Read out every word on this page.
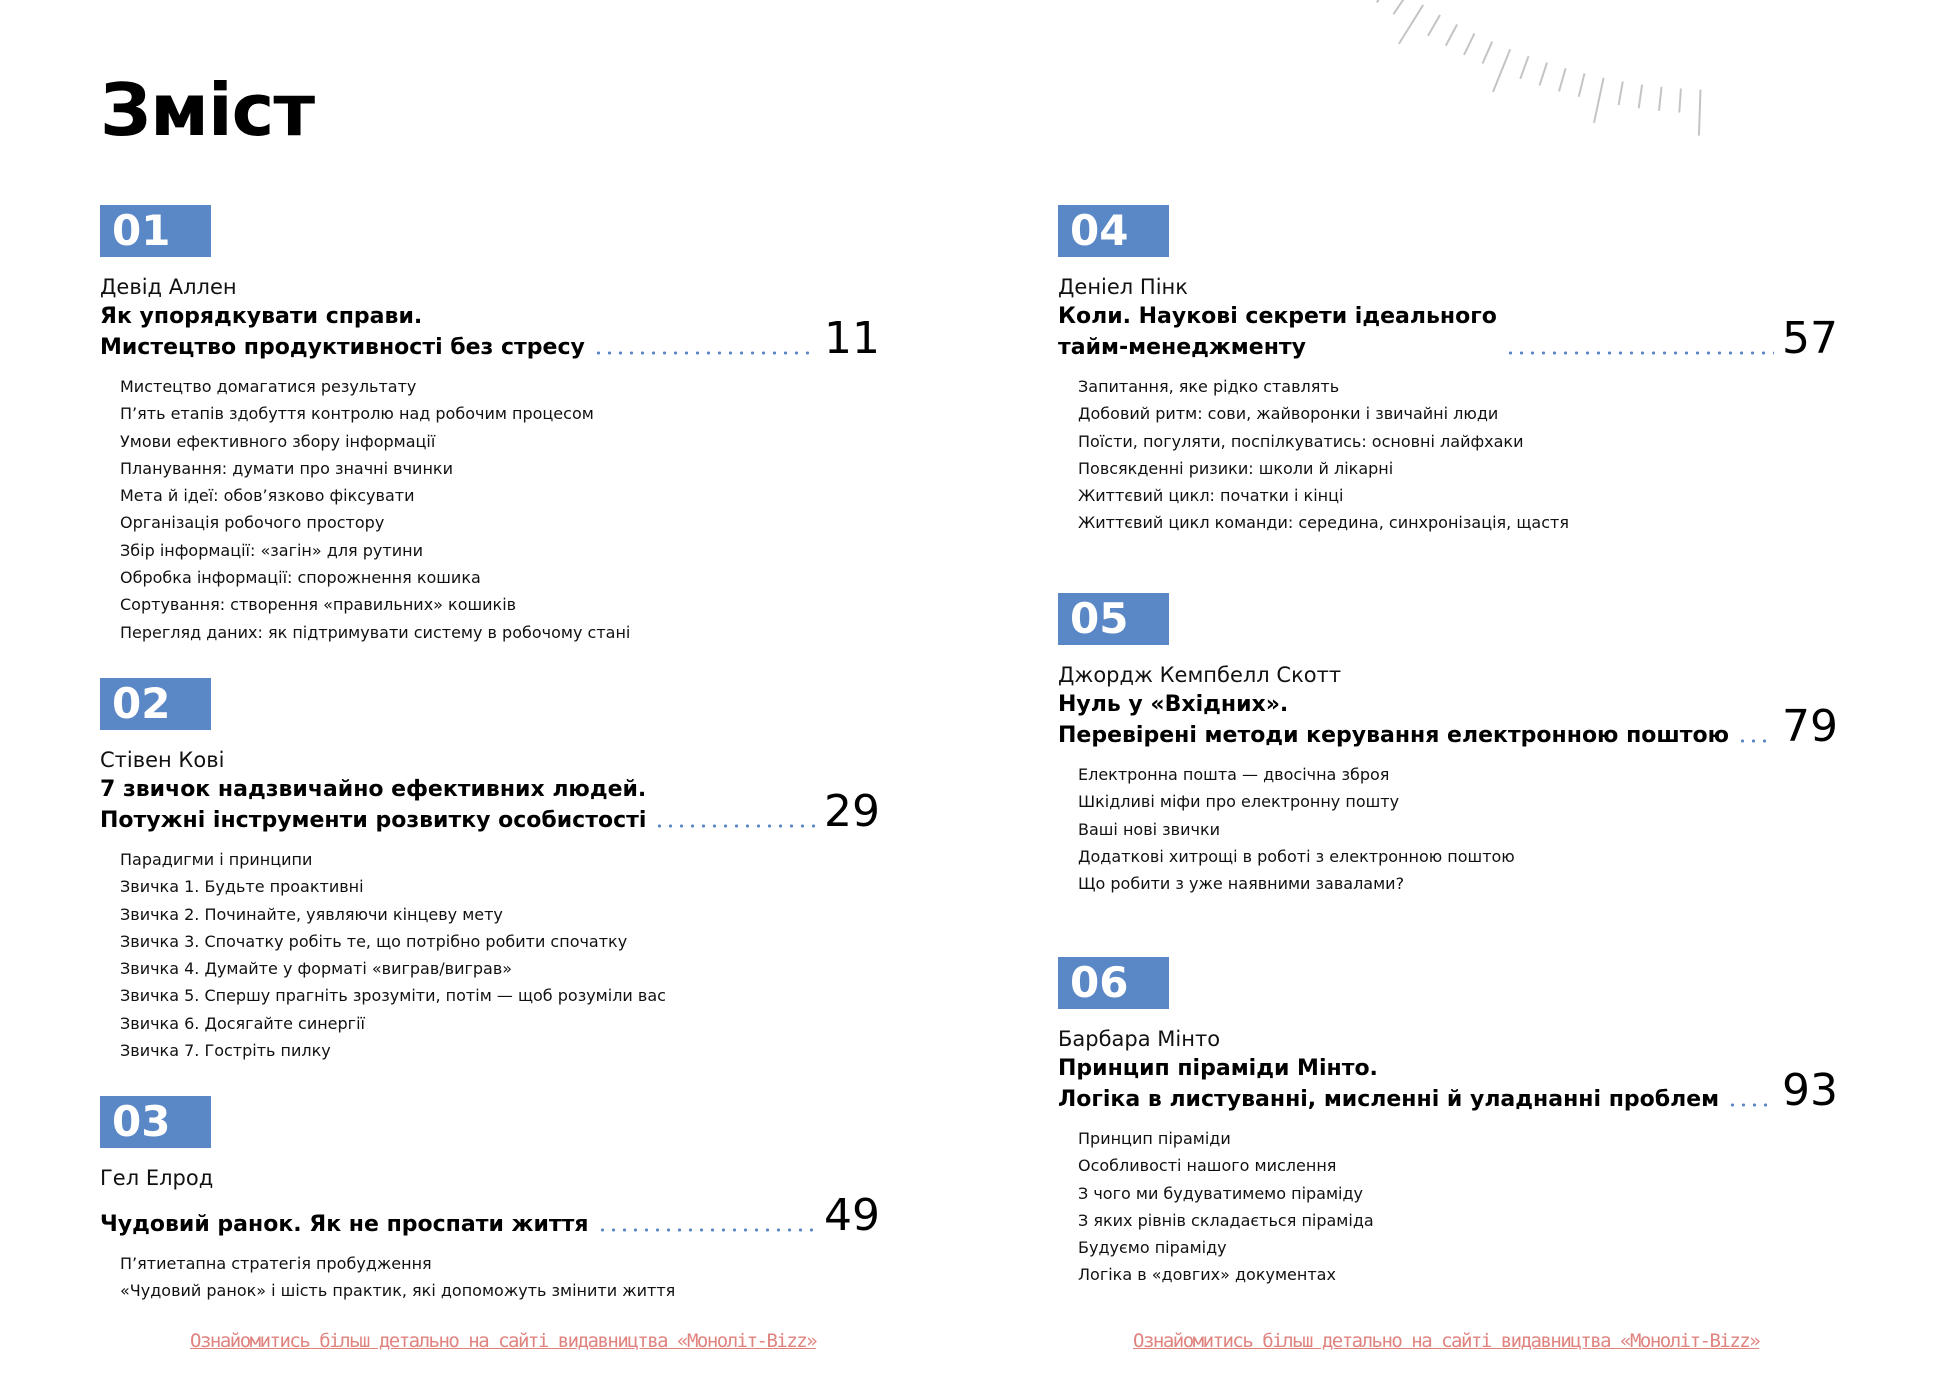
Зміст
01
Девід Аллен
Як упорядкувати справи.
Мистецтво продуктивності без стресу	11
Мистецтво домагатися результату
П’ять етапів здобуття контролю над робочим процесом
Умови ефективного збору інформації
Планування: думати про значні вчинки
Мета й ідеї: обов’язково фіксувати
Організація робочого простору
Збір інформації: «загін» для рутини
Обробка інформації: спорожнення кошика
Сортування: створення «правильних» кошиків
Перегляд даних: як підтримувати систему в робочому стані
02
Стівен Кові
7 звичок надзвичайно ефективних людей.
Потужні інструменти розвитку особистості	29
Парадигми і принципи
Звичка 1. Будьте проактивні
Звичка 2. Починайте, уявляючи кінцеву мету
Звичка 3. Спочатку робіть те, що потрібно робити спочатку
Звичка 4. Думайте у форматі «виграв/виграв»
Звичка 5. Спершу прагніть зрозуміти, потім — щоб розуміли вас
Звичка 6. Досягайте синергії
Звичка 7. Гостріть пилку
03
Гел Елрод
Чудовий ранок. Як не проспати життя	49
П’ятиетапна стратегія пробудження
«Чудовий ранок» і шість практик, які допоможуть змінити життя
04
Деніел Пінк
Коли. Наукові секрети ідеального
тайм-менеджменту	57
Запитання, яке рідко ставлять
Добовий ритм: сови, жайворонки і звичайні люди
Поїсти, погуляти, поспілкуватись: основні лайфхаки
Повсякденні ризики: школи й лікарні
Життєвий цикл: початки і кінці
Життєвий цикл команди: середина, синхронізація, щастя
05
Джордж Кемпбелл Скотт
Нуль у «Вхідних».
Перевірені методи керування електронною поштою 79
Електронна пошта — двосічна зброя
Шкідливі міфи про електронну пошту
Ваші нові звички
Додаткові хитрощі в роботі з електронною поштою
Що робити з уже наявними завалами?
06
Барбара Мінто
Принцип піраміди Мінто.
Логіка в листуванні, мисленні й уладнанні проблем 93
Принцип піраміди
Особливості нашого мислення
З чого ми будуватимемо піраміду
З яких рівнів складається піраміда
Будуємо піраміду
Логіка в «довгих» документах
Ознайомитись більш детально на сайті видавництва «Моноліт-Bizz»	Ознайомитись більш детально на сайті видавництва «Моноліт-Bizz»
